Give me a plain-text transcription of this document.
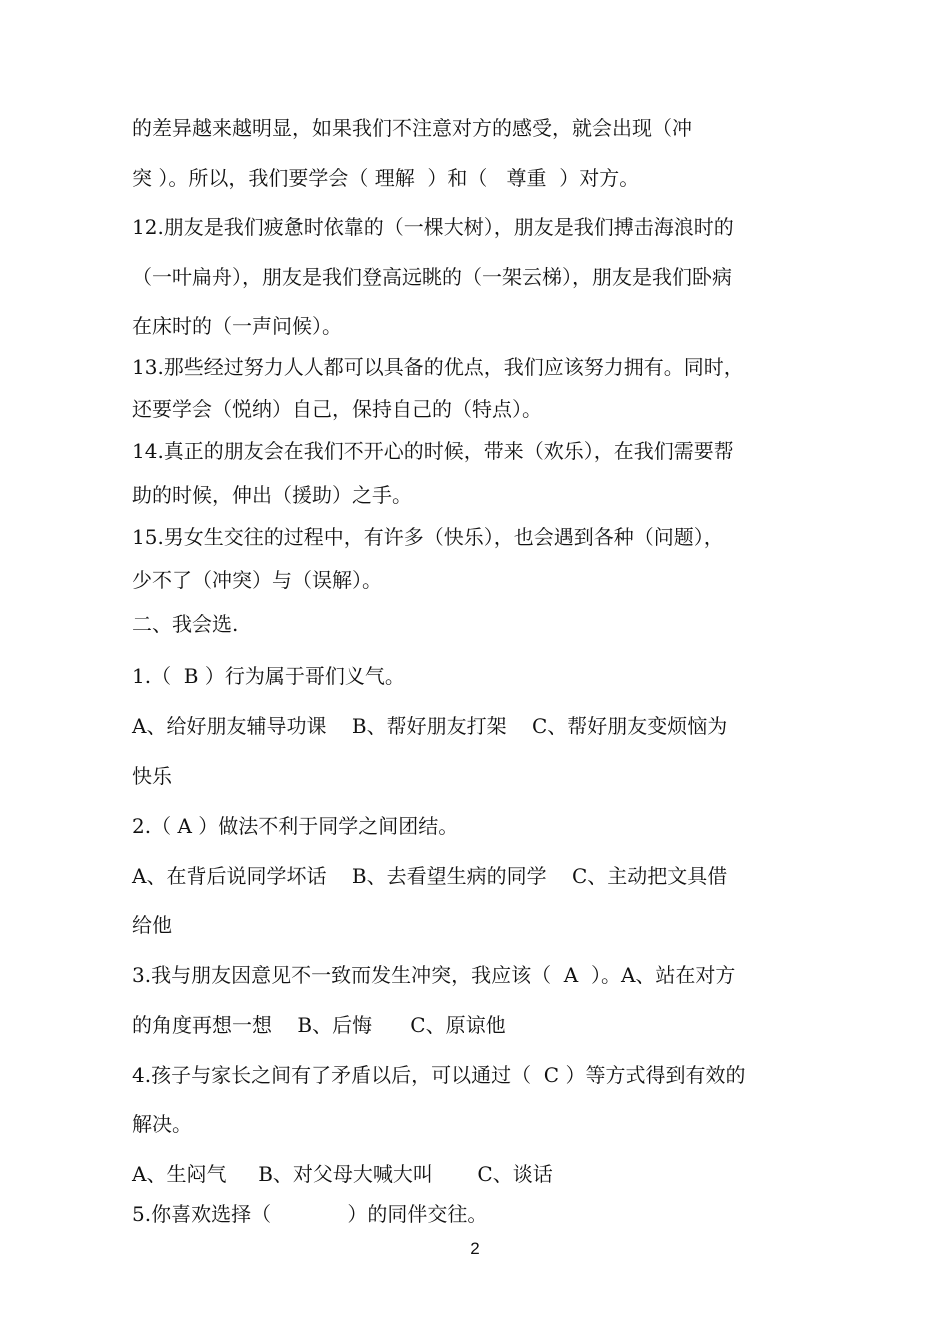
的差异越来越明显，如果我们不注意对方的感受，就会出现（冲
突 ）。所以，我们要学会（ 理解  ）和（   尊重  ）对方。
12.朋友是我们疲惫时依靠的（一棵大树），朋友是我们搏击海浪时的
（一叶扁舟），朋友是我们登高远眺的（一架云梯），朋友是我们卧病
在床时的（一声问候）。
13.那些经过努力人人都可以具备的优点，我们应该努力拥有。同时，
还要学会（悦纳）自己，保持自己的（特点）。
14.真正的朋友会在我们不开心的时候，带来（欢乐），在我们需要帮
助的时候，伸出（援助）之手。
15.男女生交往的过程中，有许多（快乐），也会遇到各种（问题），
少不了（冲突）与（误解）。
二、我会选.
1.（  B ）行为属于哥们义气。
A、给好朋友辅导功课    B、帮好朋友打架    C、帮好朋友变烦恼为
快乐
2.（ A ）做法不利于同学之间团结。
A、在背后说同学坏话    B、去看望生病的同学    C、主动把文具借
给他
3.我与朋友因意见不一致而发生冲突，我应该（  A  ）。A、站在对方
的角度再想一想    B、后悔      C、原谅他
4.孩子与家长之间有了矛盾以后，可以通过（  C ）等方式得到有效的
解决。
A、生闷气     B、对父母大喊大叫       C、谈话
5.你喜欢选择（            ）的同伴交往。
2
